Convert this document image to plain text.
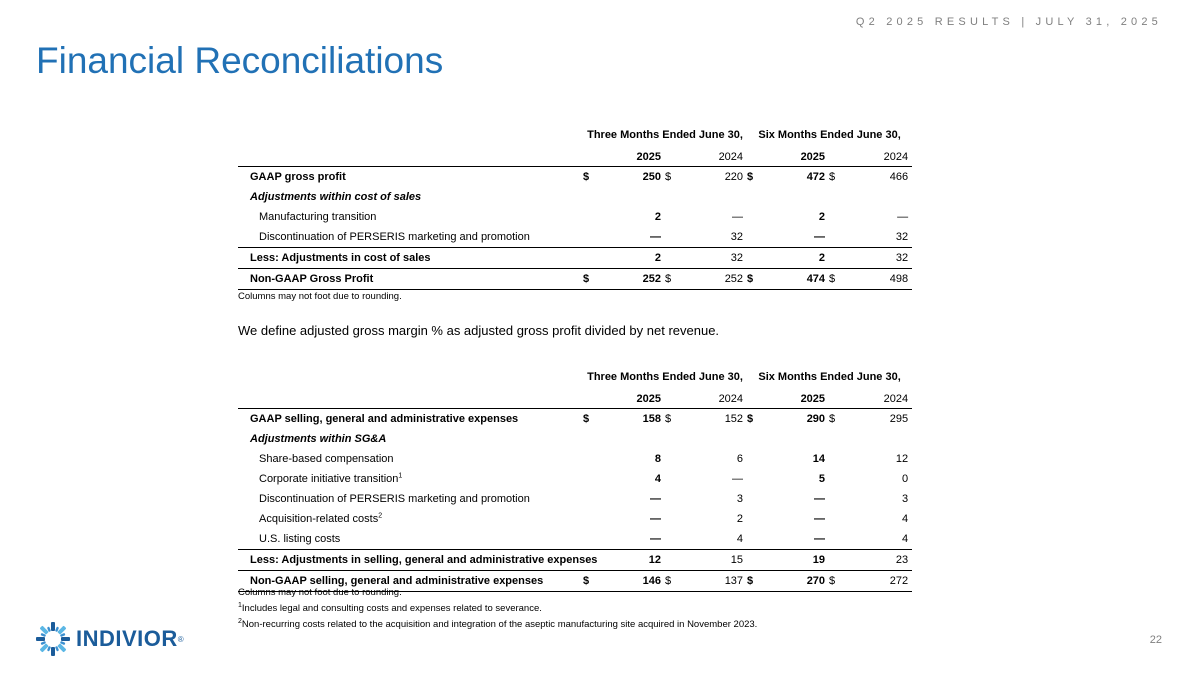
Q2 2025 RESULTS | JULY 31, 2025
Financial Reconciliations
	Three Months Ended June 30,				Six Months Ended June 30,			
		2025		2024		2025		2024
GAAP gross profit	$	250	$	220	$	472	$	466
Adjustments within cost of sales								
Manufacturing transition		2		—		2		—
Discontinuation of PERSERIS marketing and promotion		—		32		—		32
Less: Adjustments in cost of sales		2		32		2		32
Non-GAAP Gross Profit	$	252	$	252	$	474	$	498
Columns may not foot due to rounding.
We define adjusted gross margin % as adjusted gross profit divided by net revenue.
	Three Months Ended June 30,				Six Months Ended June 30,			
		2025		2024		2025		2024
GAAP selling, general and administrative expenses	$	158	$	152	$	290	$	295
Adjustments within SG&A								
Share-based compensation		8		6		14		12
Corporate initiative transition$^1$		4		—		5		0
Discontinuation of PERSERIS marketing and promotion		—		3		—		3
Acquisition-related costs$^2$		—		2		—		4
U.S. listing costs		—		4		—		4
Less: Adjustments in selling, general and administrative expenses		12		15		19		23
Non-GAAP selling, general and administrative expenses	$	146	$	137	$	270	$	272
Columns may not foot due to rounding.
$^1$Includes legal and consulting costs and expenses related to severance.
$^2$Non-recurring costs related to the acquisition and integration of the aseptic manufacturing site acquired in November 2023.
INDIVIOR ®	22
